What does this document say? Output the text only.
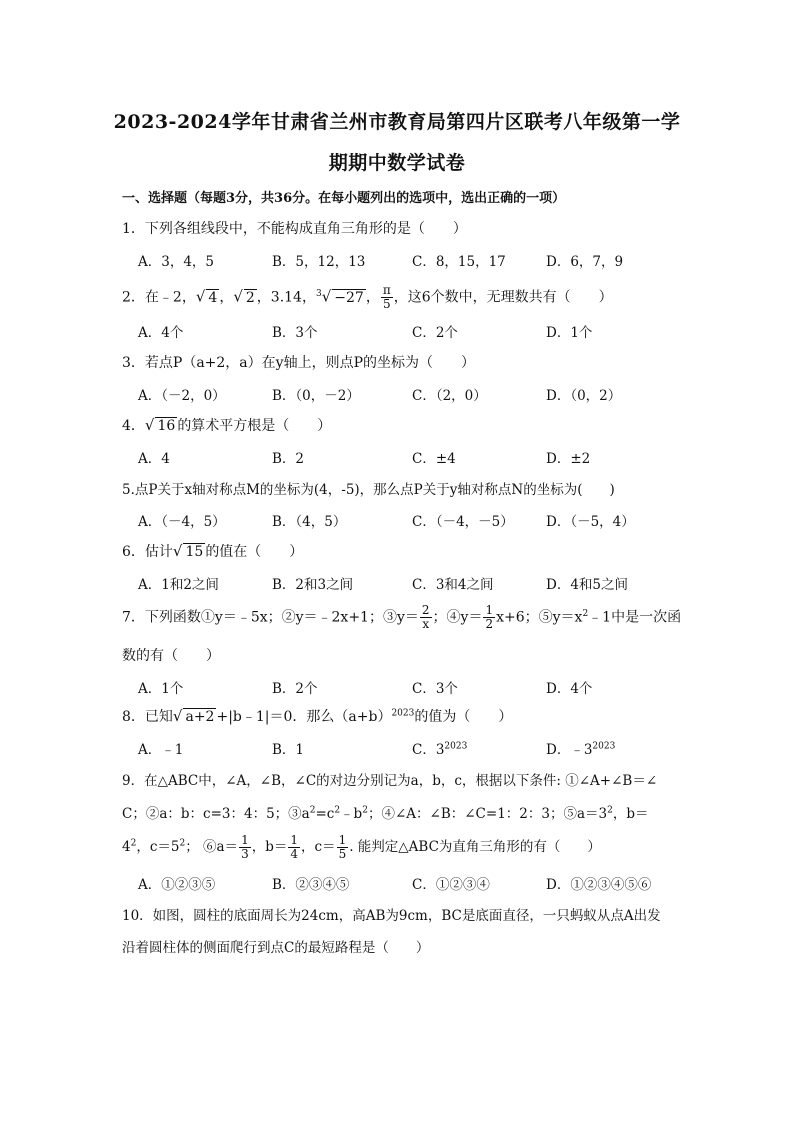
2023-2024学年甘肃省兰州市教育局第四片区联考八年级第一学
期期中数学试卷
一、选择题（每题3分，共36分。在每小题列出的选项中，选出正确的一项）
1．下列各组线段中，不能构成直角三角形的是（　　）
A．3，4，5	B．5，12，13	C．8，15，17	D．6，7，9
2．在﹣2，√ 4 ，√ 2 ，3.14，$^3$√ −27 ， $\frac{\pi}{5}$ ，这6个数中，无理数共有（　　）
A．4个	B．3个	C．2个	D．1个
3．若点P（a+2，a）在y轴上，则点P的坐标为（　　）
A．（－2，0）	B．（0，－2）	C．（2，0）	D．（0，2）
4．√ 16 的算术平方根是（　　）
A．4	B．2	C．±4	D．±2
5.点P关于x轴对称点M的坐标为(4，-5)，那么点P关于y轴对称点N的坐标为(　　)
A．（－4，5）	B．（4，5）	C．（－4，－5） D．（－5，4）
6．估计√ 15 的值在（　　）
A．1和2之间	B．2和3之间	C．3和4之间	D．4和5之间
7．下列函数①y＝﹣5x；②y＝﹣2x+1；③y＝ $\frac{2}{x}$ ；④y＝ $\frac{1}{2} x+6$；$⑤y=x^2﹣1$中是一次函
数的有（　　）
A．1个	B．2个	C．3个	D．4个
8．已知√ a+2 +|b﹣1|＝0．那么$(a+b)^{2023}$的值为（　　）
A．﹣1	B．1	C．$3^{2023}$	D．$﹣3^{2023}$
9．在△ABC中，∠A，∠B，∠C的对边分别记为a，b，c，根据以下条件: ①∠A+∠B＝∠
C；②a：b：c=3：4：5；$③a^2=c^2﹣b^2$；④∠A：∠B：∠C=1：2：3；$⑤a=3^2$，b＝
$4^2$，$c=5^2$； ⑥a＝ $\frac{1}{3}$ ，$b= \frac{1}{4}$ ，$c= \frac{1}{5}$ . 能判定△ABC为直角三角形的有（　　）
A．①②③⑤	B．②③④⑤	C．①②③④	D．①②③④⑤⑥
10．如图，圆柱的底面周长为24cm，高AB为9cm，BC是底面直径，一只蚂蚁从点A出发
沿着圆柱体的侧面爬行到点C的最短路程是（　　）
